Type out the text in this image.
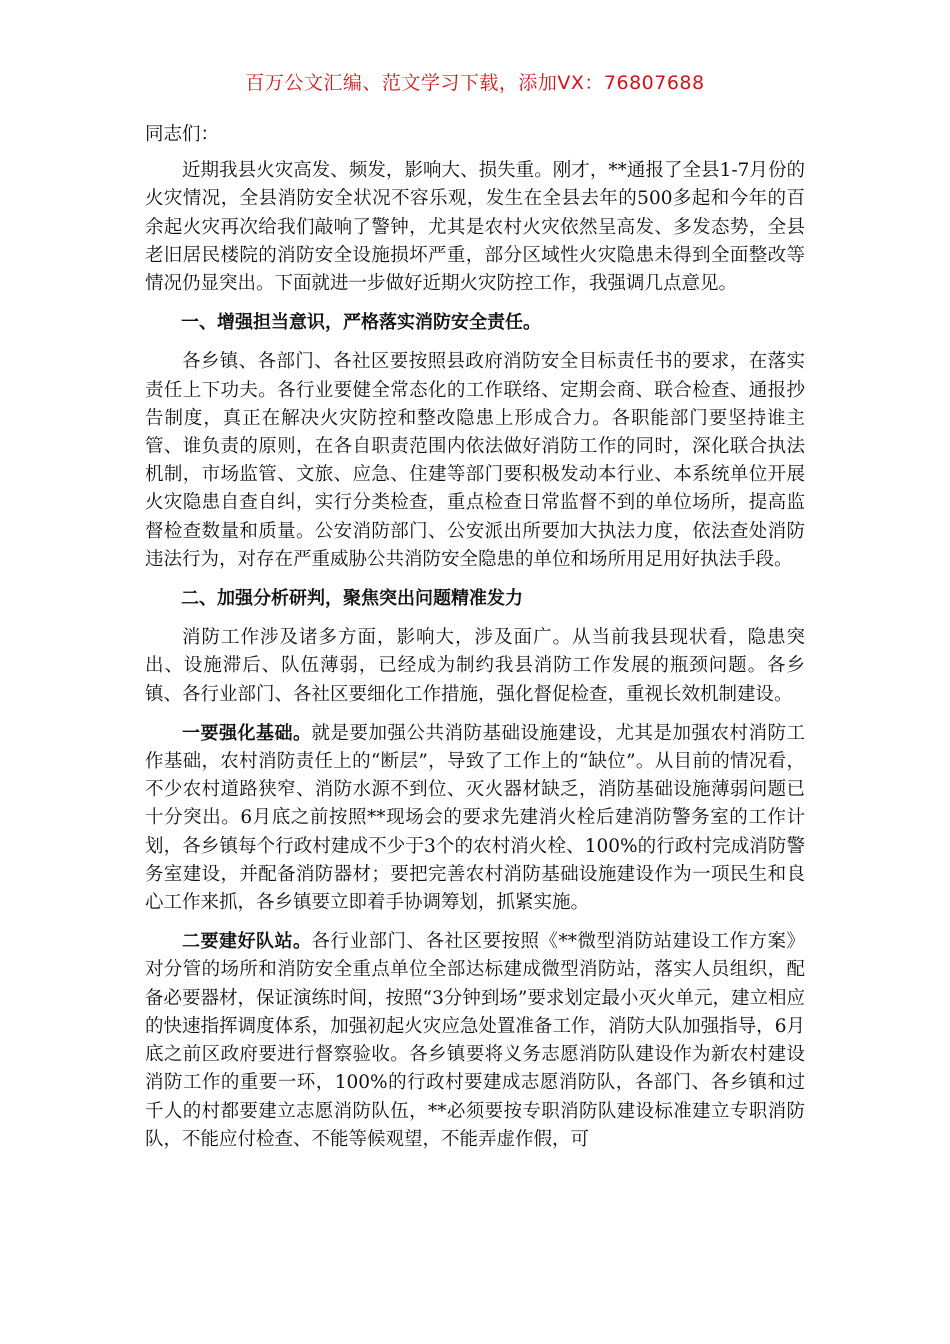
百万公文汇编、范文学习下载，添加VX：76807688

同志们：

近期我县火灾高发、频发，影响大、损失重。刚才，**通报了全县1-7月份的火灾情况，全县消防安全状况不容乐观，发生在全县去年的500多起和今年的百余起火灾再次给我们敲响了警钟，尤其是农村火灾依然呈高发、多发态势，全县老旧居民楼院的消防安全设施损坏严重，部分区域性火灾隐患未得到全面整改等情况仍显突出。下面就进一步做好近期火灾防控工作，我强调几点意见。

一、增强担当意识，严格落实消防安全责任。

各乡镇、各部门、各社区要按照县政府消防安全目标责任书的要求，在落实责任上下功夫。各行业要健全常态化的工作联络、定期会商、联合检查、通报抄告制度，真正在解决火灾防控和整改隐患上形成合力。各职能部门要坚持谁主管、谁负责的原则，在各自职责范围内依法做好消防工作的同时，深化联合执法机制，市场监管、文旅、应急、住建等部门要积极发动本行业、本系统单位开展火灾隐患自查自纠，实行分类检查，重点检查日常监督不到的单位场所，提高监督检查数量和质量。公安消防部门、公安派出所要加大执法力度，依法查处消防违法行为，对存在严重威胁公共消防安全隐患的单位和场所用足用好执法手段。

二、加强分析研判，聚焦突出问题精准发力

消防工作涉及诸多方面，影响大，涉及面广。从当前我县现状看，隐患突出、设施滞后、队伍薄弱，已经成为制约我县消防工作发展的瓶颈问题。各乡镇、各行业部门、各社区要细化工作措施，强化督促检查，重视长效机制建设。

一要强化基础。就是要加强公共消防基础设施建设，尤其是加强农村消防工作基础，农村消防责任上的“断层”，导致了工作上的“缺位”。从目前的情况看，不少农村道路狭窄、消防水源不到位、灭火器材缺乏，消防基础设施薄弱问题已十分突出。6月底之前按照**现场会的要求先建消火栓后建消防警务室的工作计划，各乡镇每个行政村建成不少于3个的农村消火栓、100%的行政村完成消防警务室建设，并配备消防器材；要把完善农村消防基础设施建设作为一项民生和良心工作来抓，各乡镇要立即着手协调筹划，抓紧实施。

二要建好队站。各行业部门、各社区要按照《**微型消防站建设工作方案》对分管的场所和消防安全重点单位全部达标建成微型消防站，落实人员组织，配备必要器材，保证演练时间，按照“3分钟到场”要求划定最小灭火单元，建立相应的快速指挥调度体系，加强初起火灾应急处置准备工作，消防大队加强指导，6月底之前区政府要进行督察验收。各乡镇要将义务志愿消防队建设作为新农村建设消防工作的重要一环，100%的行政村要建成志愿消防队，各部门、各乡镇和过千人的村都要建立志愿消防队伍，**必须要按专职消防队建设标准建立专职消防队，不能应付检查、不能等候观望，不能弄虚作假，可
